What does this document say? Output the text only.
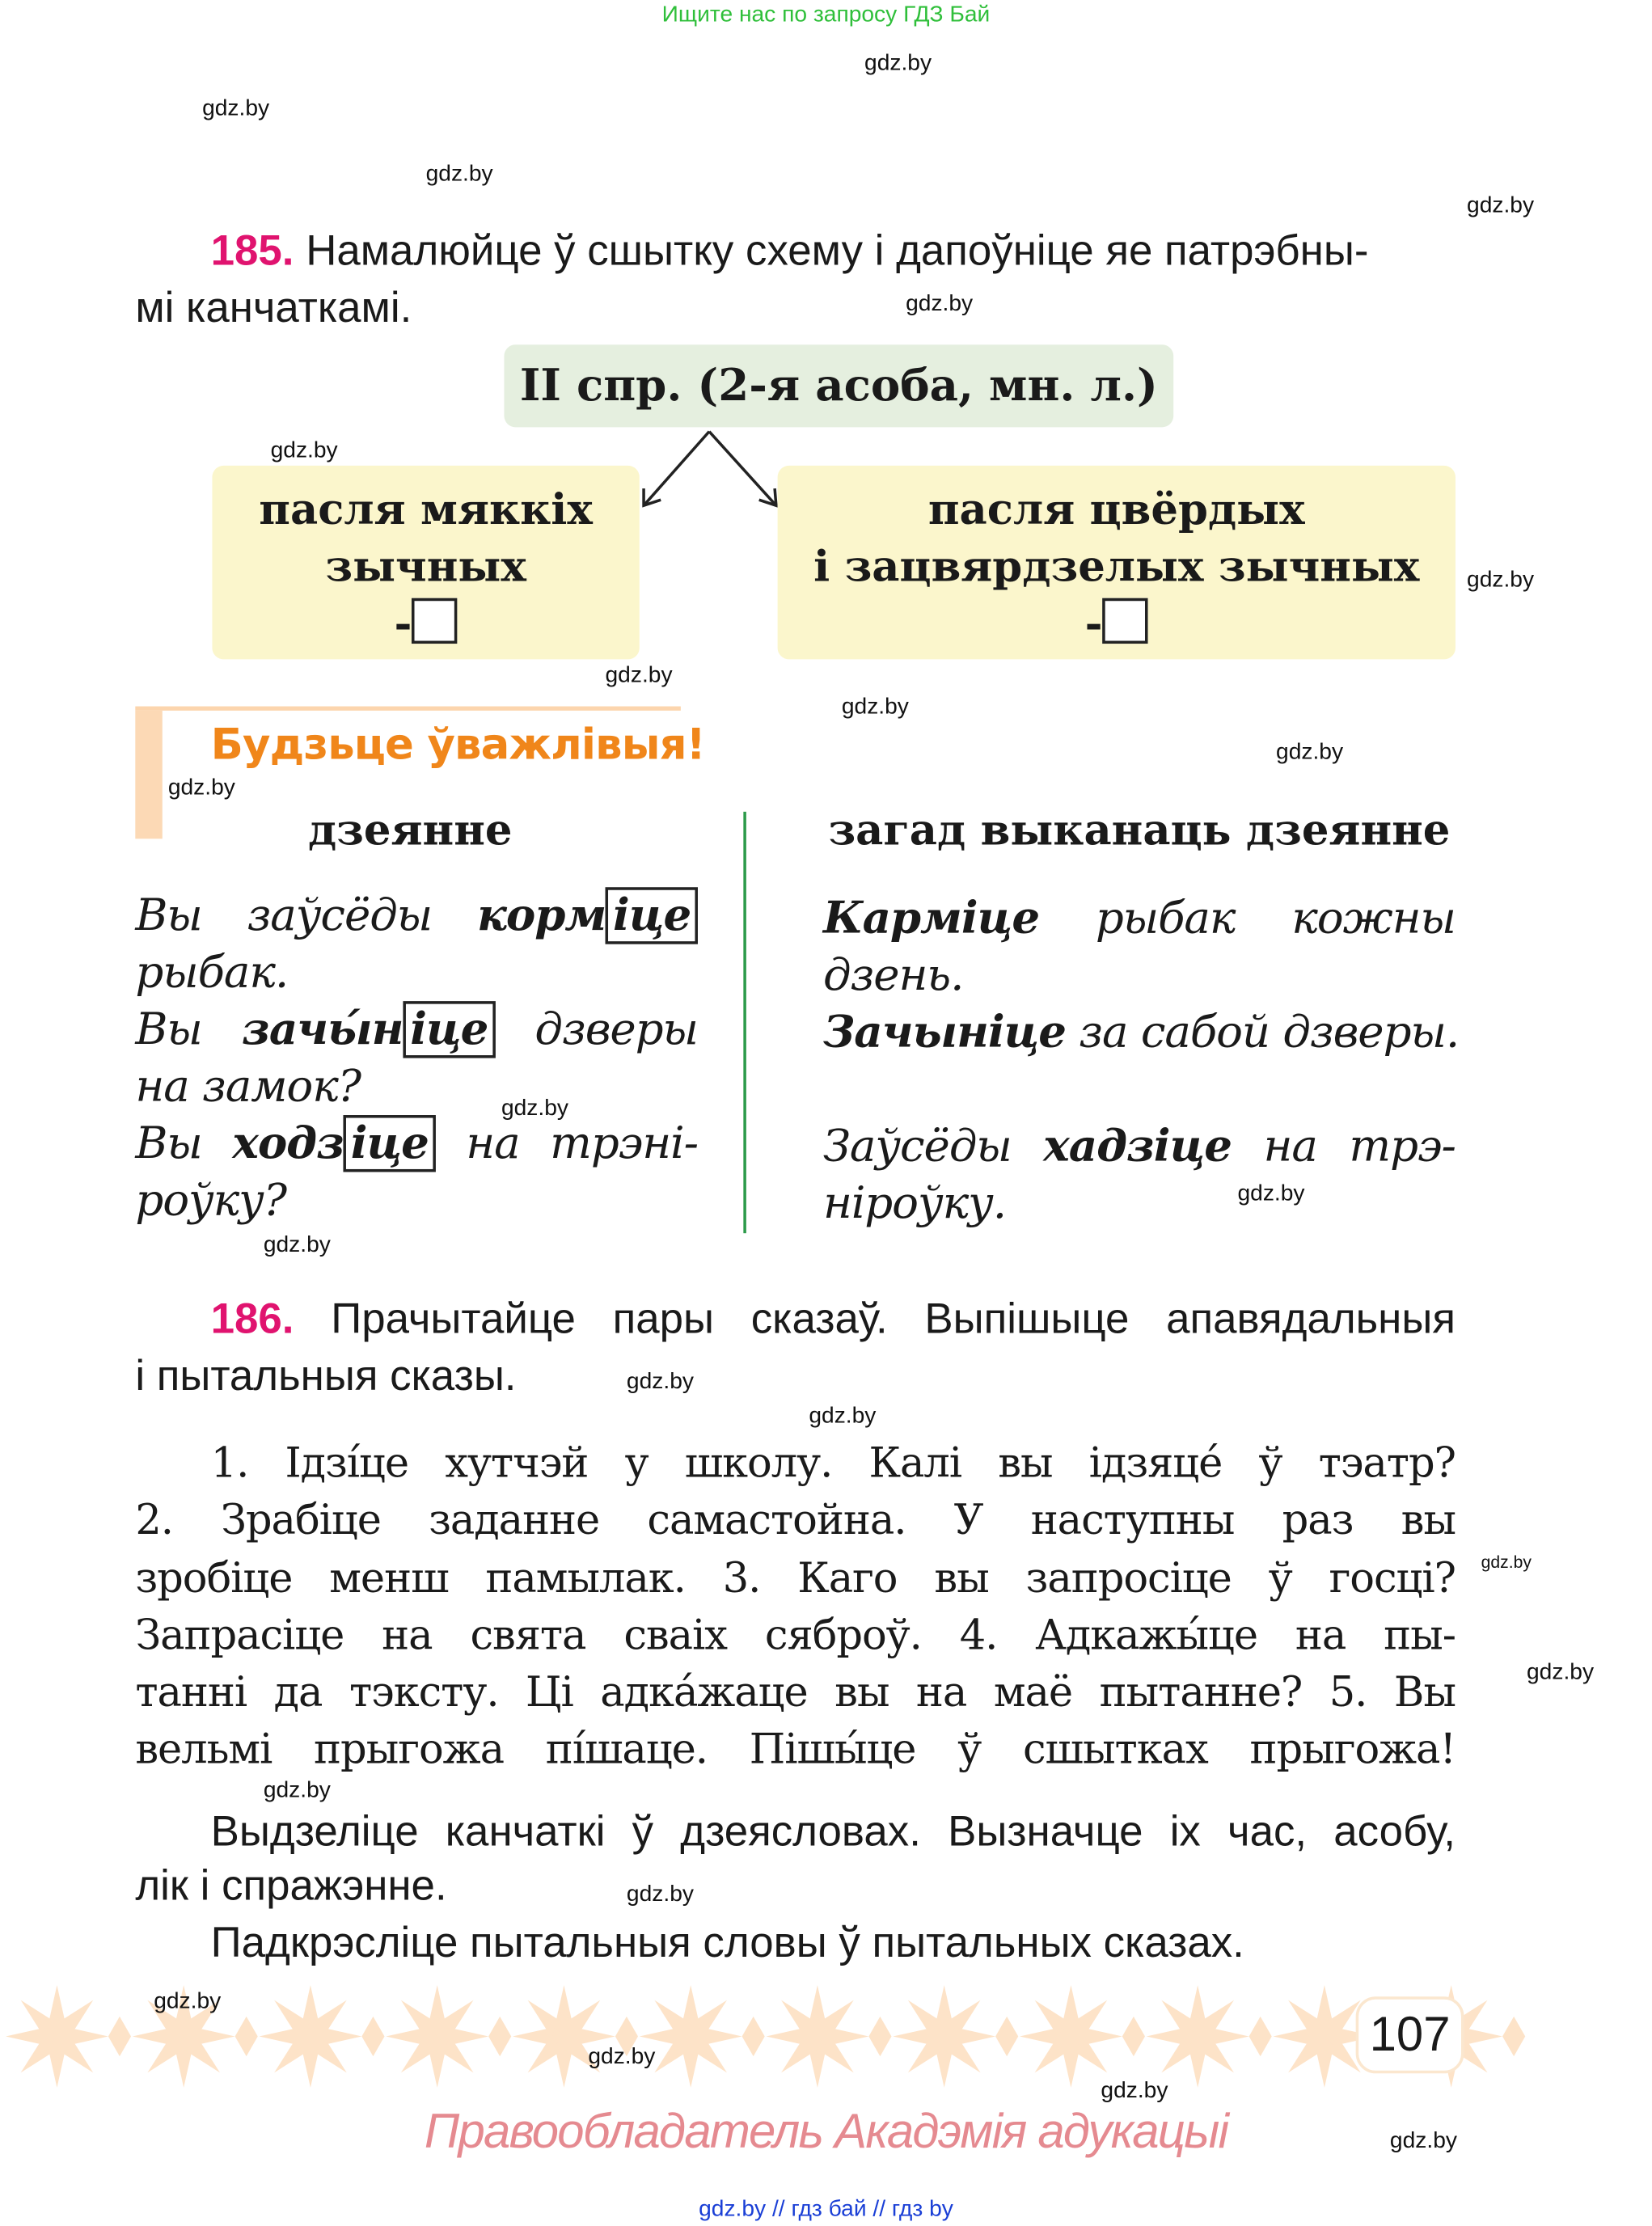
Ищите нас по запросу ГДЗ Бай
gdz.by
gdz.by
gdz.by
gdz.by
gdz.by
gdz.by
gdz.by
gdz.by
gdz.by
gdz.by
gdz.by
gdz.by
gdz.by
gdz.by
gdz.by
gdz.by
gdz.by
gdz.by
gdz.by
gdz.by
gdz.by
gdz.by
gdz.by
gdz.by
185. Намалюйце ў сшытку схему і дапоўніце яе патрэбны-
мі канчаткамі.
II спр. (2-я асоба, мн. л.)
пасля мяккіх
зычных
-
пасля цвёрдых
і зацвярдзелых зычных
-
Будзьце ўважлівыя!
дзеянне	загад выканаць дзеянне
Вы заўсёды корм іце
рыбак.
Вы зачы́н іце дзверы
на замок?
Вы ходз іце на трэні-
роўку?
Карміце рыбак кожны
дзень.
Зачыніце за сабой дзверы.
Заўсёды хадзіце на трэ-
ніроўку.
186. Прачытайце пары сказаў. Выпішыце апавядальныя
і пытальныя сказы.
1. Ідзíце хутчэй у школу. Калі вы ідзяцé ў тэатр?
2. Зрабіце заданне самастойна. У наступны раз вы
зробіце менш памылак. 3. Каго вы запросіце ў госці?
Запрасіце на свята сваіх сяброў. 4. Адкажы́це на пы-
танні да тэксту. Ці адка́жаце вы на маё пытанне? 5. Вы
вельмі прыгожа пíшаце. Пішы́це ў сшытках прыгожа!
Выдзеліце канчаткі ў дзеясловах. Вызначце іх час, асобу,
лік і спражэнне.
Падкрэсліце пытальныя словы ў пытальных сказах.
107
Правообладатель Акадэмія адукацыі
gdz.by // гдз бай // гдз by
